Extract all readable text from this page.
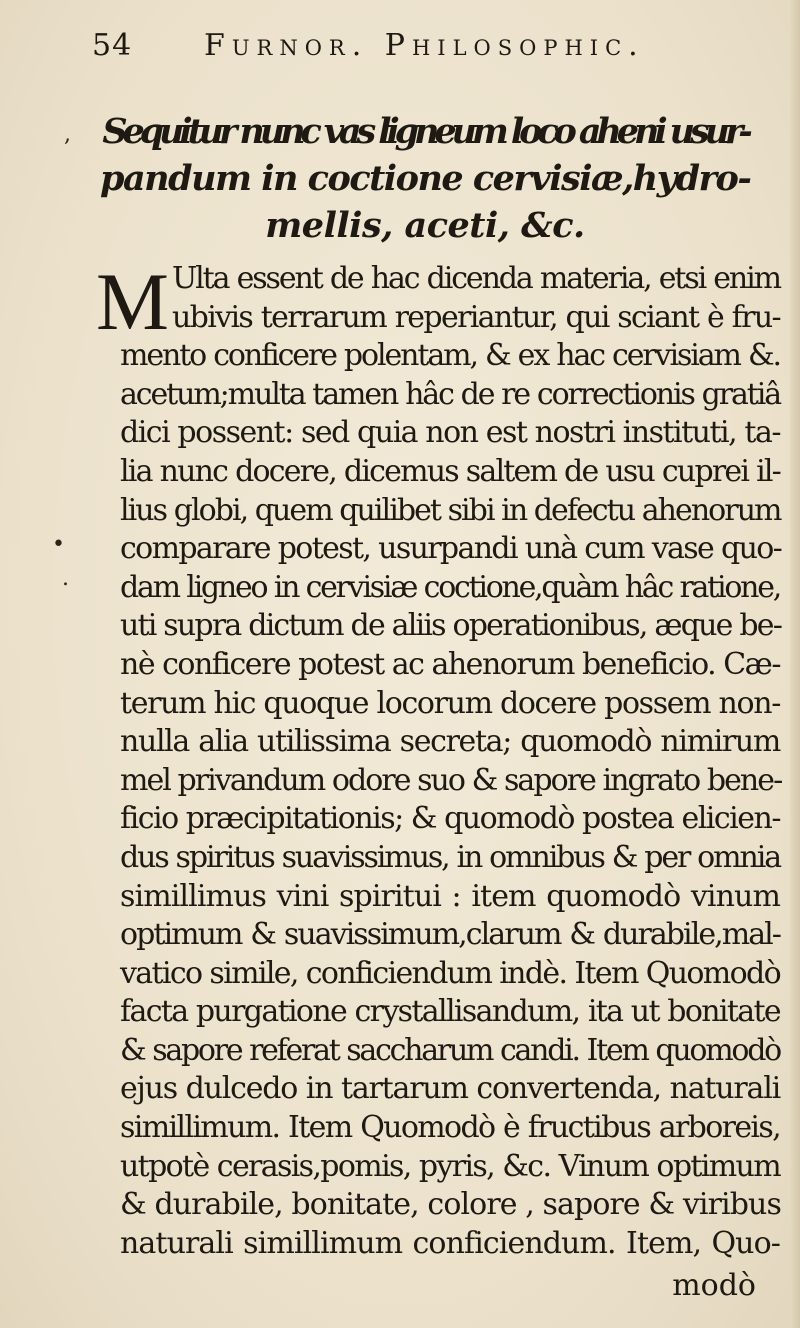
54 Furnor. Philosophic.
Sequitur nunc vas ligneum loco aheni usur-
pandum in coctione cervisiæ,hydro-
mellis, aceti, &c.
M Ulta essent de hac dicenda materia, etsi enim
ubivis terrarum reperiantur, qui sciant è fru-
mento conficere polentam, & ex hac cervisiam &.
acetum;multa tamen hâc de re correctionis gratiâ
dici possent: sed quia non est nostri instituti, ta-
lia nunc docere, dicemus saltem de usu cuprei il-
lius globi, quem quilibet sibi in defectu ahenorum
comparare potest, usurpandi unà cum vase quo-
dam ligneo in cervisiæ coctione,quàm hâc ratione,
uti supra dictum de aliis operationibus, æque be-
nè conficere potest ac ahenorum beneficio. Cæ-
terum hic quoque locorum docere possem non-
nulla alia utilissima secreta; quomodò nimirum
mel privandum odore suo & sapore ingrato bene-
ficio præcipitationis; & quomodò postea elicien-
dus spiritus suavissimus, in omnibus & per omnia
simillimus vini spiritui : item quomodò vinum
optimum & suavissimum,clarum & durabile,mal-
vatico simile, conficiendum indè. Item Quomodò
facta purgatione crystallisandum, ita ut bonitate
& sapore referat saccharum candi. Item quomodò
ejus dulcedo in tartarum convertenda, naturali
simillimum. Item Quomodò è fructibus arboreis,
utpotè cerasis,pomis, pyris, &c. Vinum optimum
& durabile, bonitate, colore , sapore & viribus
naturali simillimum conficiendum. Item, Quo-
modò
,
•
.
